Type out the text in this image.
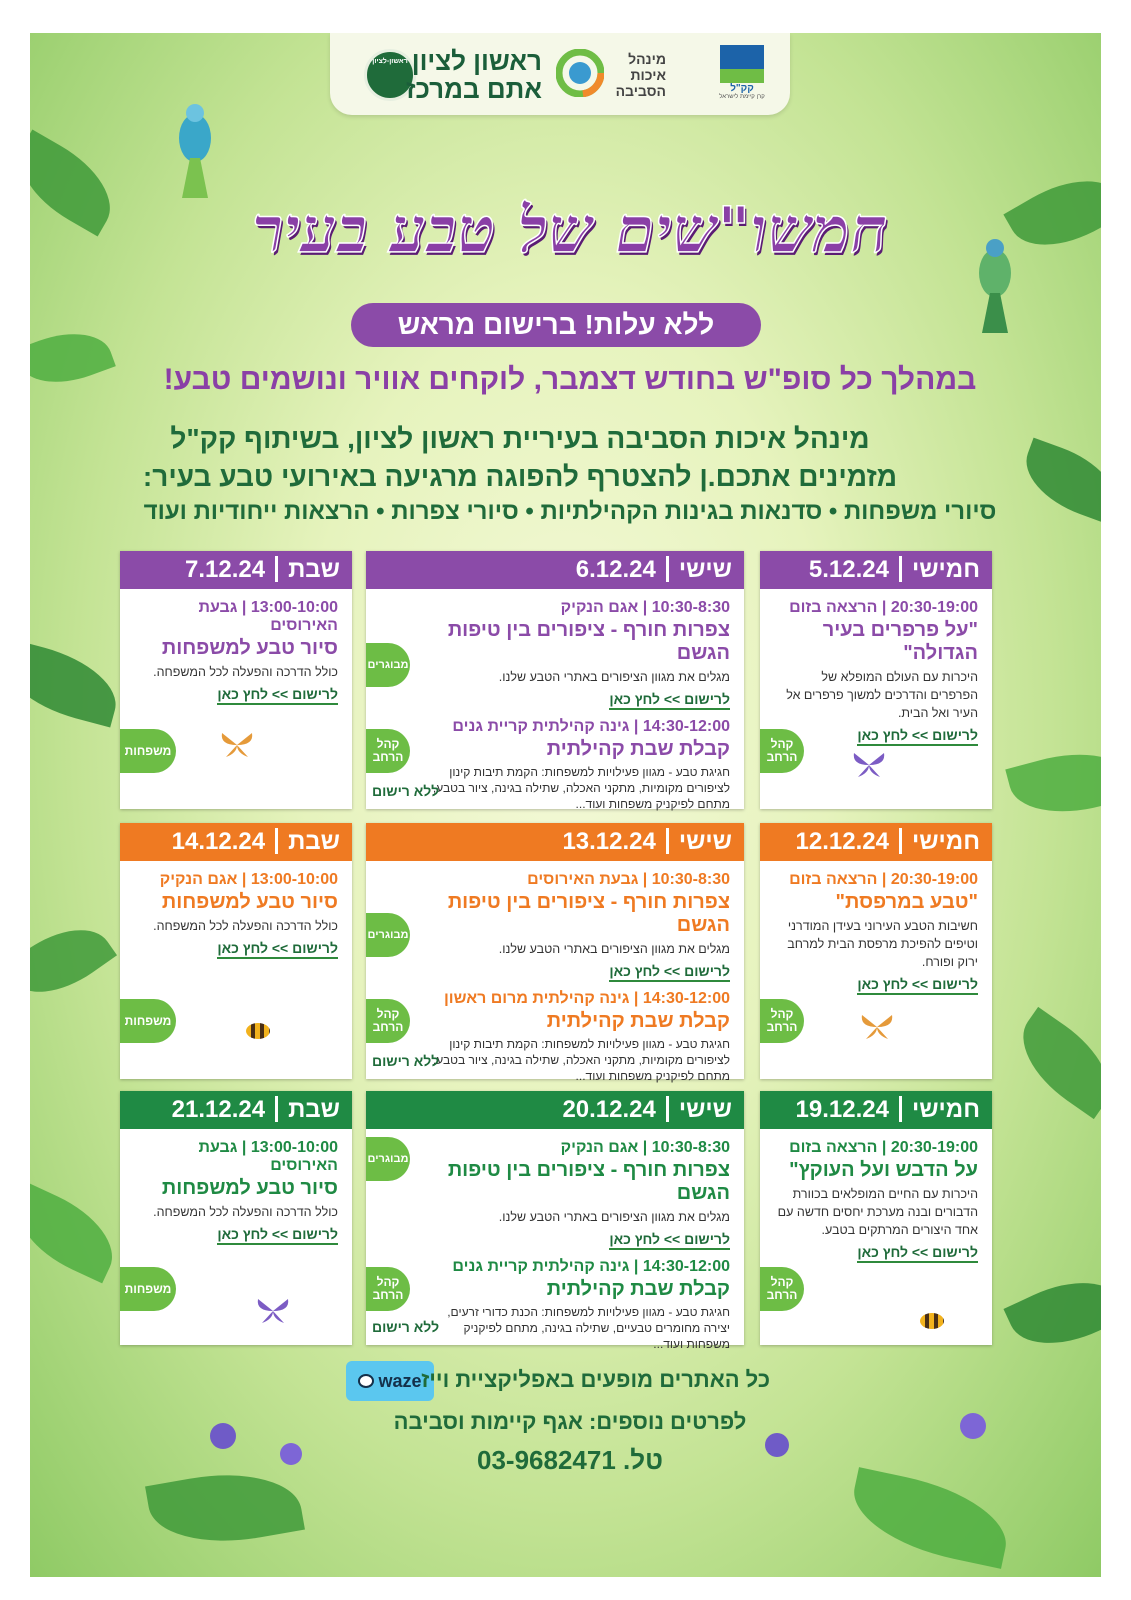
קק"ל
קרן קיימת לישראל
מינהל איכות הסביבה
ראשון-לציון ראשון לציון
אתם במרכז
חמשו"שים של טבע בעיר
ללא עלות! ברישום מראש
במהלך כל סופ"ש בחודש דצמבר, לוקחים אוויר ונושמים טבע!
מינהל איכות הסביבה בעיריית ראשון לציון, בשיתוף קק"ל
מזמינים אתכם.ן להצטרף להפוגה מרגיעה באירועי טבע בעיר:
סיורי משפחות • סדנאות בגינות הקהילתיות • סיורי צפרות • הרצאות ייחודיות ועוד
חמישי5.12.24
20:30-19:00 | הרצאה בזום
"על פרפרים בעיר הגדולה"
היכרות עם העולם המופלא של הפרפרים והדרכים למשוך פרפרים אל העיר ואל הבית.
לרישום >> לחץ כאן
קהל הרחב
שישי6.12.24
10:30-8:30 | אגם הנקיק
צפרות חורף - ציפורים בין טיפות הגשם
מגלים את מגוון הציפורים באתרי הטבע שלנו.
לרישום >> לחץ כאן
14:30-12:00 | גינה קהילתית קריית גנים
קבלת שבת קהילתית
חגיגת טבע - מגוון פעילויות למשפחות: הקמת תיבות קינון לציפורים מקומיות, מתקני האכלה, שתילה בגינה, ציור בטבע, מתחם לפיקניק משפחות ועוד...
מבוגרים
קהל הרחב
ללא רישום
שבת7.12.24
13:00-10:00 | גבעת האירוסים
סיור טבע למשפחות
כולל הדרכה והפעלה לכל המשפחה.
לרישום >> לחץ כאן
משפחות
חמישי12.12.24
20:30-19:00 | הרצאה בזום
"טבע במרפסת"
חשיבות הטבע העירוני בעידן המודרני וטיפים להפיכת מרפסת הבית למרחב ירוק ופורח.
לרישום >> לחץ כאן
קהל הרחב
שישי13.12.24
10:30-8:30 | גבעת האירוסים
צפרות חורף - ציפורים בין טיפות הגשם
מגלים את מגוון הציפורים באתרי הטבע שלנו.
לרישום >> לחץ כאן
14:30-12:00 | גינה קהילתית מרום ראשון
קבלת שבת קהילתית
חגיגת טבע - מגוון פעילויות למשפחות: הקמת תיבות קינון לציפורים מקומיות, מתקני האכלה, שתילה בגינה, ציור בטבע, מתחם לפיקניק משפחות ועוד...
מבוגרים
קהל הרחב
ללא רישום
שבת14.12.24
13:00-10:00 | אגם הנקיק
סיור טבע למשפחות
כולל הדרכה והפעלה לכל המשפחה.
לרישום >> לחץ כאן
משפחות
חמישי19.12.24
20:30-19:00 | הרצאה בזום
על הדבש ועל העוקץ"
היכרות עם החיים המופלאים בכוורת הדבורים ובנה מערכת יחסים חדשה עם אחד היצורים המרתקים בטבע.
לרישום >> לחץ כאן
קהל הרחב
שישי20.12.24
10:30-8:30 | אגם הנקיק
צפרות חורף - ציפורים בין טיפות הגשם
מגלים את מגוון הציפורים באתרי הטבע שלנו.
לרישום >> לחץ כאן
14:30-12:00 | גינה קהילתית קריית גנים
קבלת שבת קהילתית
חגיגת טבע - מגוון פעילויות למשפחות: הכנת כדורי זרעים, יצירה מחומרים טבעיים, שתילה בגינה, מתחם לפיקניק משפחות ועוד...
מבוגרים
קהל הרחב
ללא רישום
שבת21.12.24
13:00-10:00 | גבעת האירוסים
סיור טבע למשפחות
כולל הדרכה והפעלה לכל המשפחה.
לרישום >> לחץ כאן
משפחות
waze כל האתרים מופעים באפליקציית וייז
לפרטים נוספים: אגף קיימות וסביבה
טל. 03-9682471
